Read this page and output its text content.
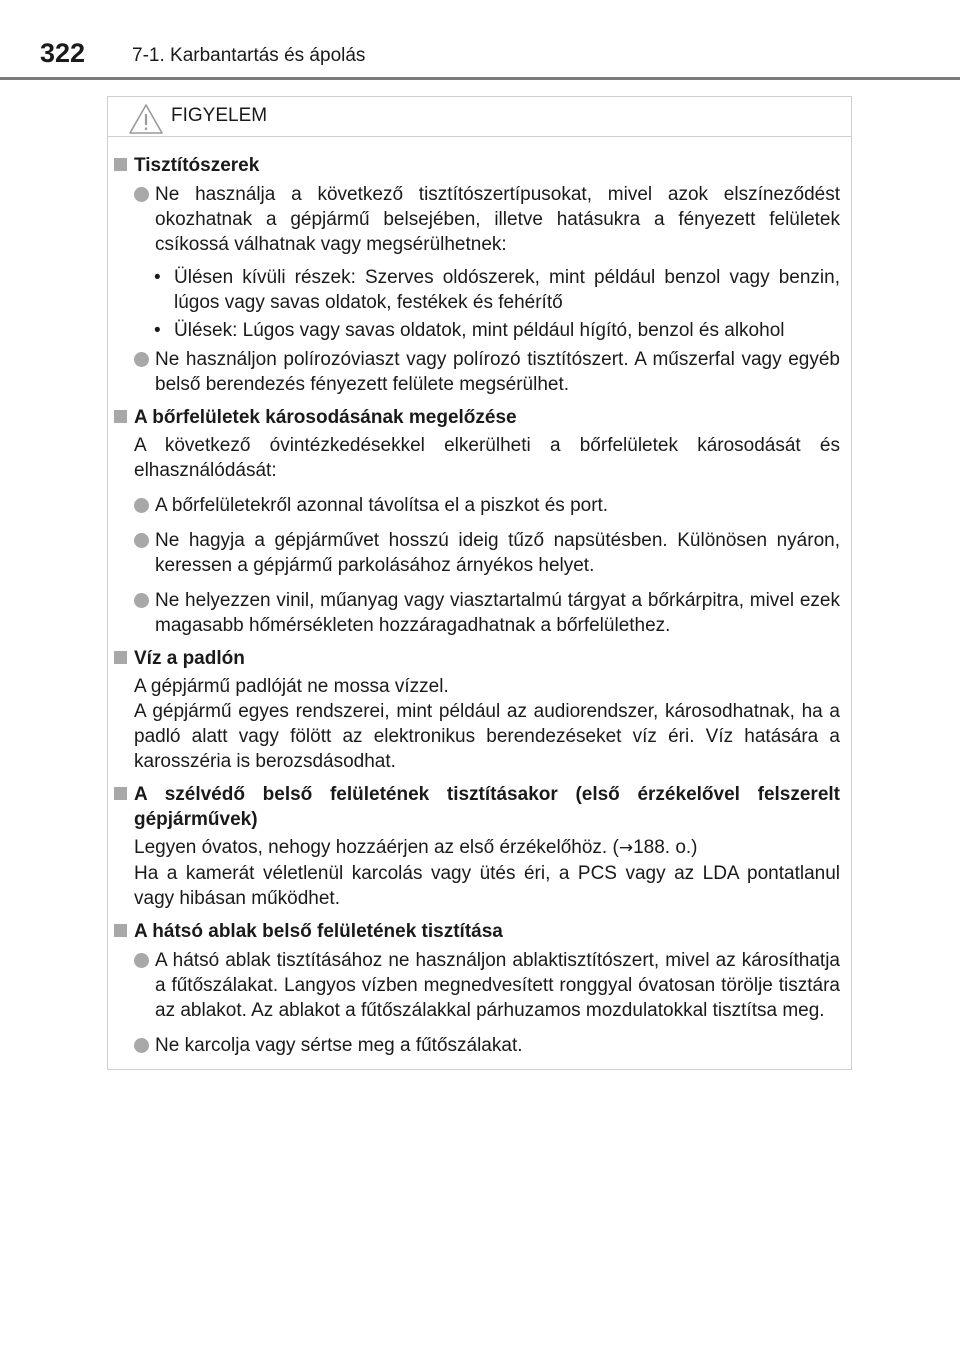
322 7-1. Karbantartás és ápolás
FIGYELEM
Tisztítószerek
Ne használja a következő tisztítószertípusokat, mivel azok elszíneződést okozhatnak a gépjármű belsejében, illetve hatásukra a fényezett felületek csíkossá válhatnak vagy megsérülhetnek:
• Ülésen kívüli részek: Szerves oldószerek, mint például benzol vagy benzin, lúgos vagy savas oldatok, festékek és fehérítő
• Ülések: Lúgos vagy savas oldatok, mint például hígító, benzol és alkohol
Ne használjon polírozóviaszt vagy polírozó tisztítószert. A műszerfal vagy egyéb belső berendezés fényezett felülete megsérülhet.
A bőrfelületek károsodásának megelőzése
A következő óvintézkedésekkel elkerülheti a bőrfelületek károsodását és elhasználódását:
A bőrfelületekről azonnal távolítsa el a piszkot és port.
Ne hagyja a gépjárművet hosszú ideig tűző napsütésben. Különösen nyáron, keressen a gépjármű parkolásához árnyékos helyet.
Ne helyezzen vinil, műanyag vagy viasztartalmú tárgyat a bőrkárpitra, mivel ezek magasabb hőmérsékleten hozzáragadhatnak a bőrfelülethez.
Víz a padlón
A gépjármű padlóját ne mossa vízzel.
A gépjármű egyes rendszerei, mint például az audiorendszer, károsodhatnak, ha a padló alatt vagy fölött az elektronikus berendezéseket víz éri. Víz hatására a karosszéria is berozsdásodhat.
A szélvédő belső felületének tisztításakor (első érzékelővel felszerelt gépjárművek)
Legyen óvatos, nehogy hozzáérjen az első érzékelőhöz. (→188. o.)
Ha a kamerát véletlenül karcolás vagy ütés éri, a PCS vagy az LDA pontatlanul vagy hibásan működhet.
A hátsó ablak belső felületének tisztítása
A hátsó ablak tisztításához ne használjon ablaktisztítószert, mivel az károsíthatja a fűtőszálakat. Langyos vízben megnedvesített ronggyal óvatosan törölje tisztára az ablakot. Az ablakot a fűtőszálakkal párhuzamos mozdulatokkal tisztítsa meg.
Ne karcolja vagy sértse meg a fűtőszálakat.
